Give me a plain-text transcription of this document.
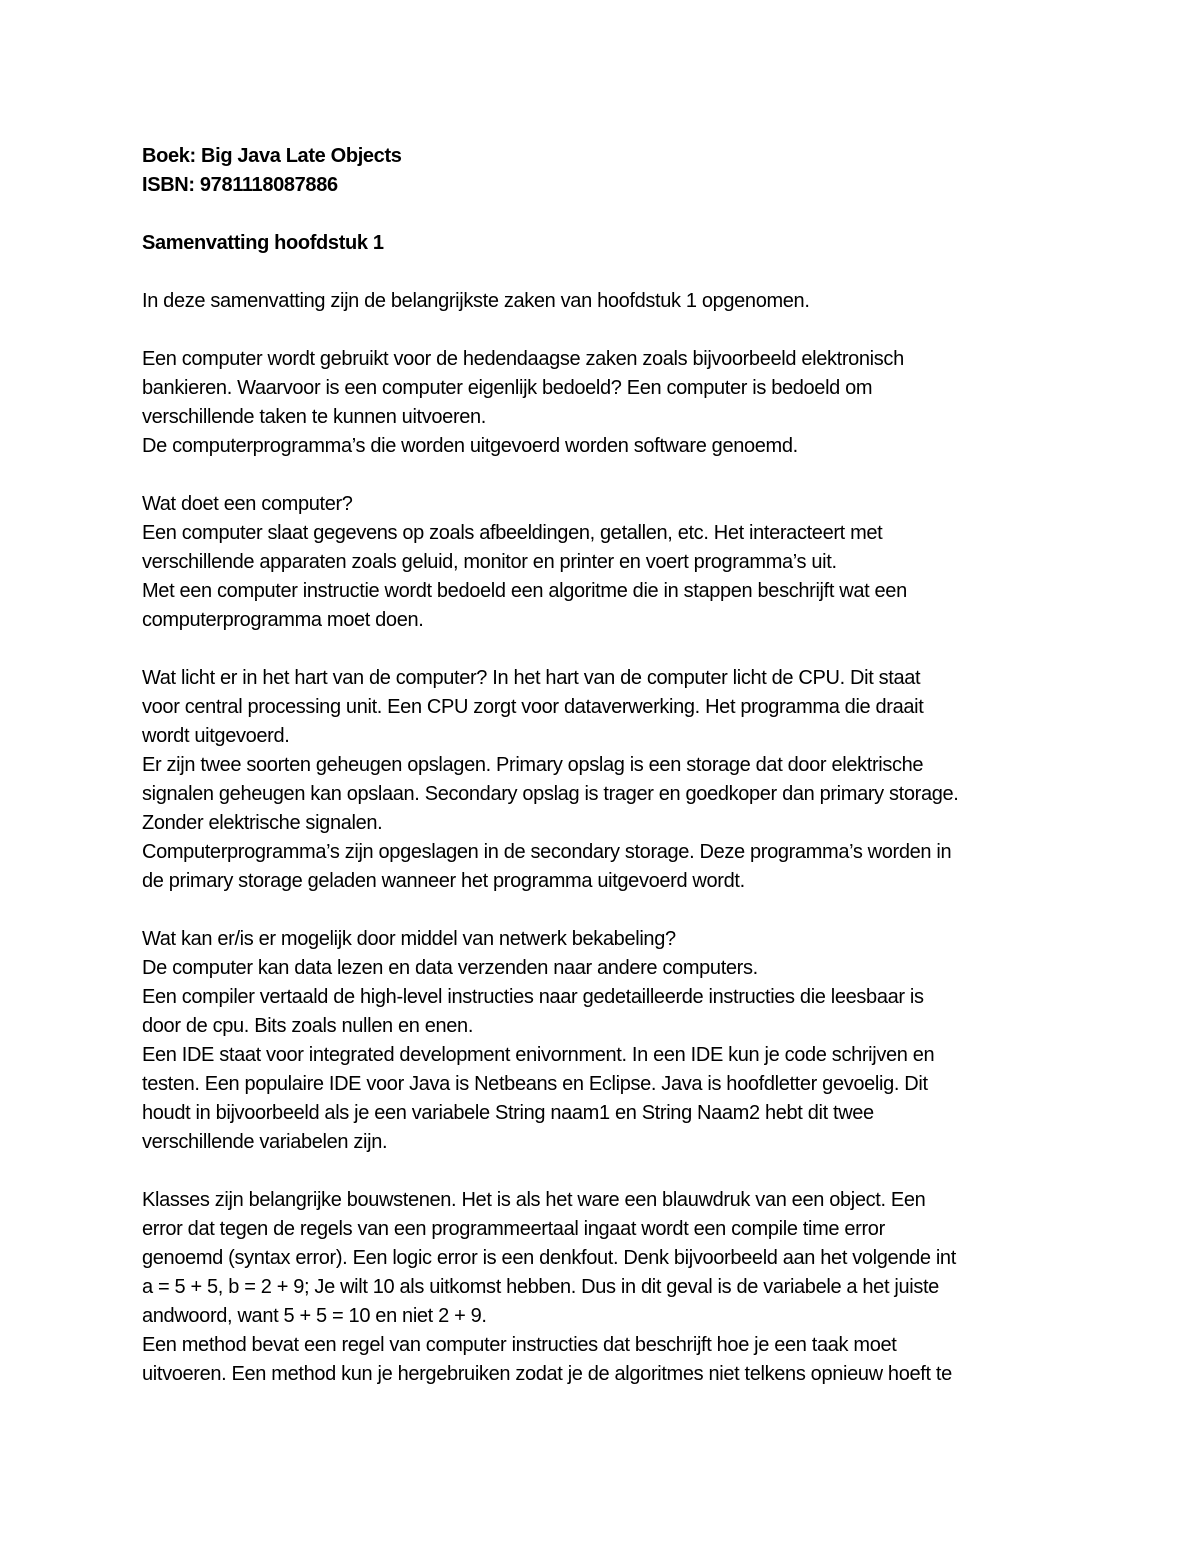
Boek: Big Java Late Objects
ISBN: 9781118087886
Samenvatting hoofdstuk 1
In deze samenvatting zijn de belangrijkste zaken van hoofdstuk 1 opgenomen.
Een computer wordt gebruikt voor de hedendaagse zaken zoals bijvoorbeeld elektronisch
bankieren. Waarvoor is een computer eigenlijk bedoeld? Een computer is bedoeld om
verschillende taken te kunnen uitvoeren.
De computerprogramma’s die worden uitgevoerd worden software genoemd.
Wat doet een computer?
Een computer slaat gegevens op zoals afbeeldingen, getallen, etc. Het interacteert met
verschillende apparaten zoals geluid, monitor en printer en voert programma’s uit.
Met een computer instructie wordt bedoeld een algoritme die in stappen beschrijft wat een
computerprogramma moet doen.
Wat licht er in het hart van de computer? In het hart van de computer licht de CPU. Dit staat
voor central processing unit. Een CPU zorgt voor dataverwerking. Het programma die draait
wordt uitgevoerd.
Er zijn twee soorten geheugen opslagen. Primary opslag is een storage dat door elektrische
signalen geheugen kan opslaan. Secondary opslag is trager en goedkoper dan primary storage.
Zonder elektrische signalen.
Computerprogramma’s zijn opgeslagen in de secondary storage. Deze programma’s worden in
de primary storage geladen wanneer het programma uitgevoerd wordt.
Wat kan er/is er mogelijk door middel van netwerk bekabeling?
De computer kan data lezen en data verzenden naar andere computers.
Een compiler vertaald de high-level instructies naar gedetailleerde instructies die leesbaar is
door de cpu. Bits zoals nullen en enen.
Een IDE staat voor integrated development enivornment. In een IDE kun je code schrijven en
testen. Een populaire IDE voor Java is Netbeans en Eclipse. Java is hoofdletter gevoelig. Dit
houdt in bijvoorbeeld als je een variabele String naam1 en String Naam2 hebt dit twee
verschillende variabelen zijn.
Klasses zijn belangrijke bouwstenen. Het is als het ware een blauwdruk van een object. Een
error dat tegen de regels van een programmeertaal ingaat wordt een compile time error
genoemd (syntax error). Een logic error is een denkfout. Denk bijvoorbeeld aan het volgende int
a = 5 + 5, b = 2 + 9; Je wilt 10 als uitkomst hebben. Dus in dit geval is de variabele a het juiste
andwoord, want 5 + 5 = 10 en niet 2 + 9.
Een method bevat een regel van computer instructies dat beschrijft hoe je een taak moet
uitvoeren. Een method kun je hergebruiken zodat je de algoritmes niet telkens opnieuw hoeft te
